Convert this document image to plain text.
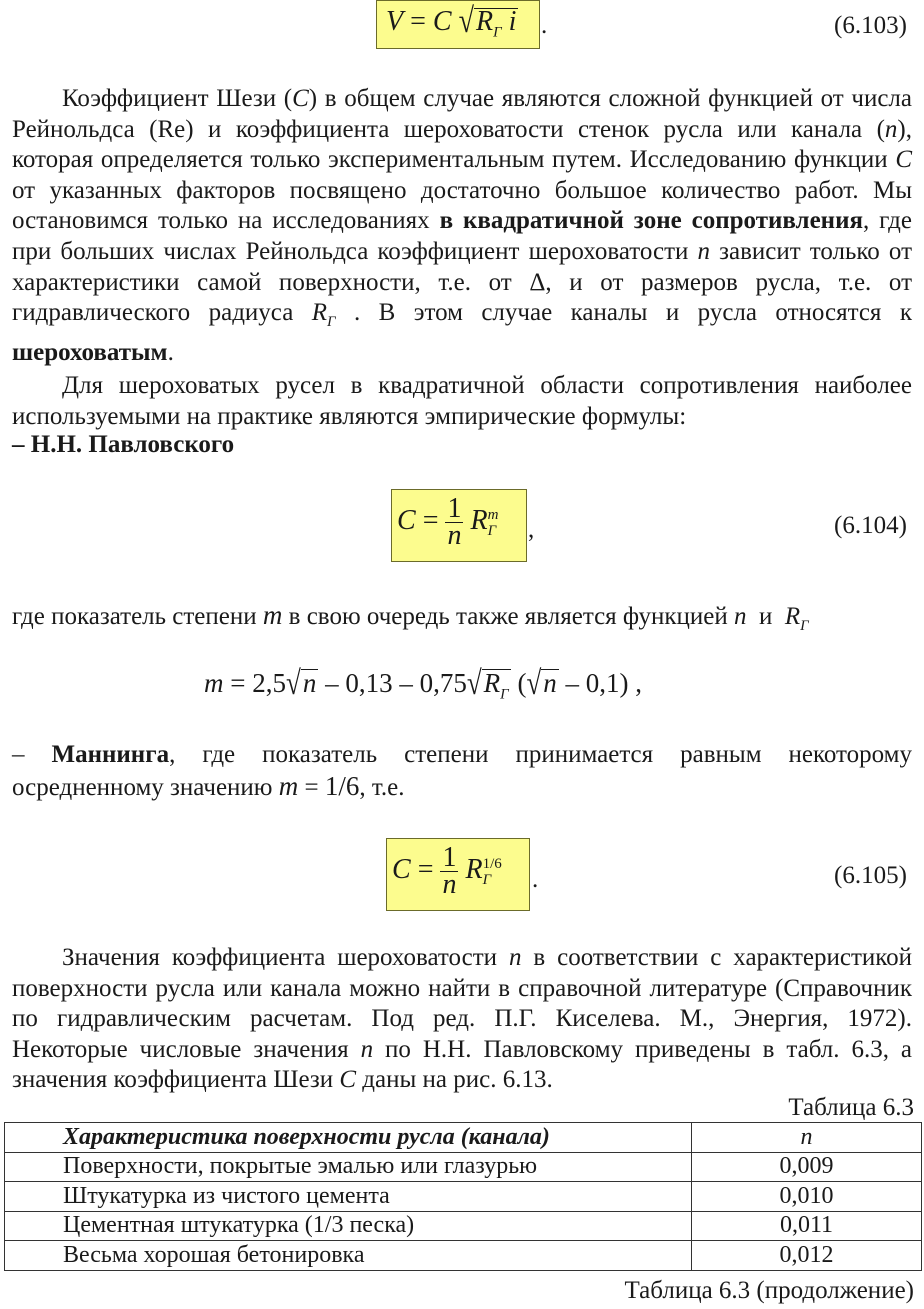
V = C $√R_Г$ i .	(6.103)

Коэффициент Шези (C) в общем случае являются сложной функцией от числа Рейнольдса (Re) и коэффициента шероховатости стенок русла или канала (n), которая определяется только экспериментальным путем. Исследованию функции C от указанных факторов посвящено достаточно большое количество работ. Мы остановимся только на исследованиях в квадратичной зоне сопротивления, где при больших числах Рейнольдса коэффициент шероховатости n зависит только от характеристики самой поверхности, т.е. от Δ, и от размеров русла, т.е. от гидравлического радиуса $R_Г$ . В этом случае каналы и русла относятся к шероховатым.

Для шероховатых русел в квадратичной области сопротивления наиболее используемыми на практике являются эмпирические формулы:

– Н.Н. Павловского
$C = \frac{1}{n}$ R m
Г ,	(6.104)
где показатель степени m в свою очередь также является функцией n и $R_Г$
$m = 2,5√n - 0,13 - 0,75√R_Г$ (√n – 0,1) ,

– Маннинга, где показатель степени принимается равным некоторому осредненному значению m = 1/6, т.е.

$C = \frac{1}{n}$ R 1/6
Г	.	(6.105)

Значения коэффициента шероховатости n в соответствии с характеристикой поверхности русла или канала можно найти в справочной литературе (Справочник по гидравлическим расчетам. Под ред. П.Г. Киселева. М., Энергия, 1972). Некоторые числовые значения n по Н.Н. Павловскому приведены в табл. 6.3, а значения коэффициента Шези C даны на рис. 6.13.

Таблица 6.3
Характеристика поверхности русла (канала)	n
Поверхности, покрытые эмалью или глазурью	0,009
Штукатурка из чистого цемента	0,010
Цементная штукатурка (1/3 песка)	0,011
Весьма хорошая бетонировка	0,012
Таблица 6.3 (продолжение)
